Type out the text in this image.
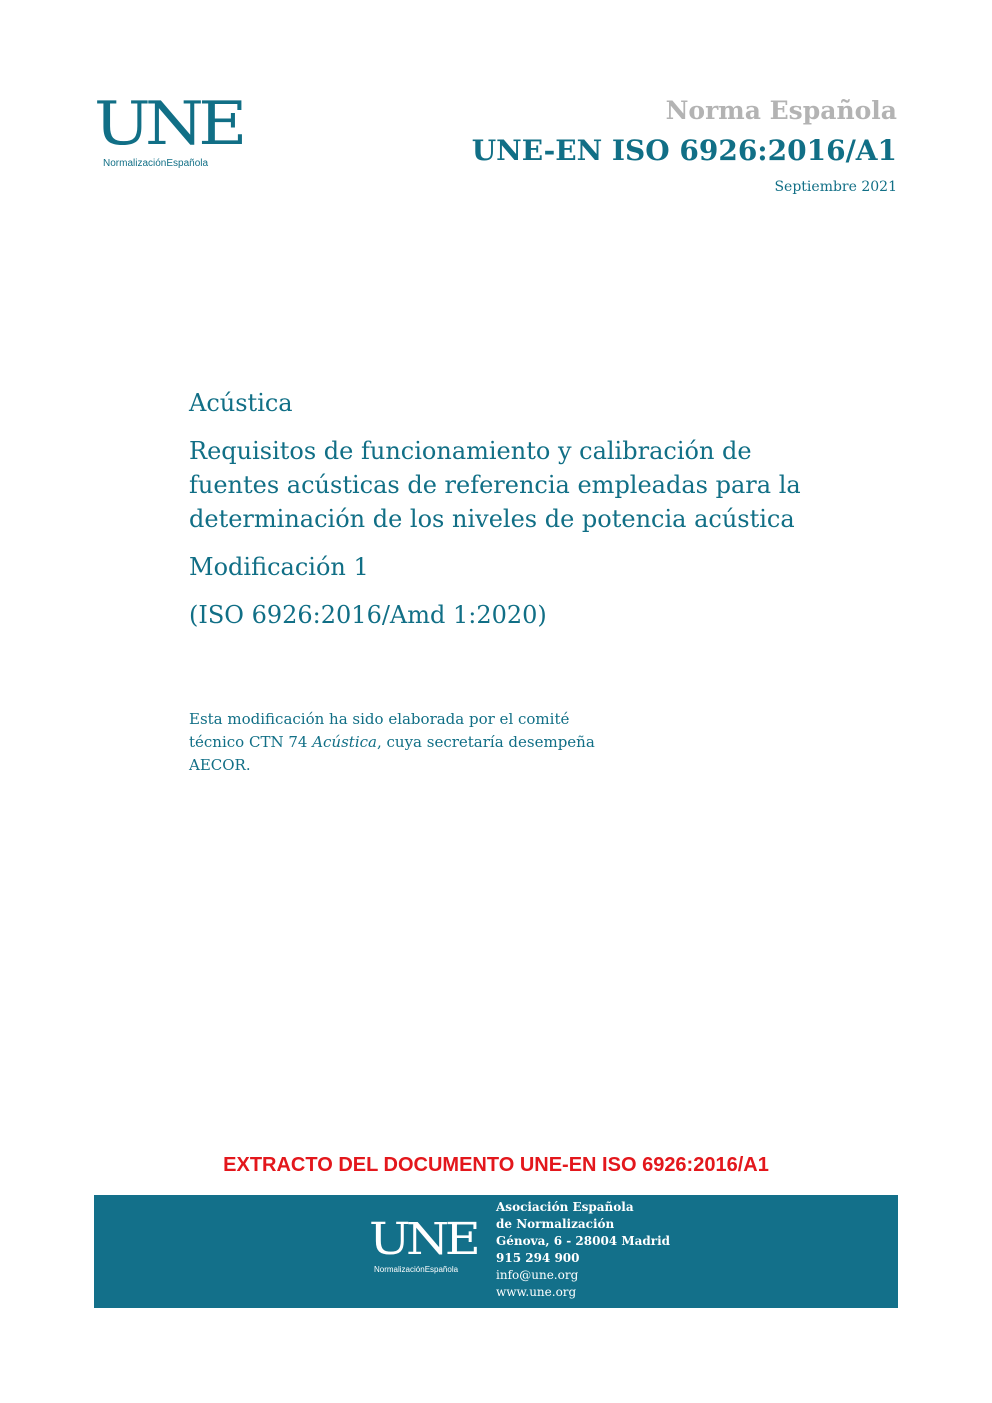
UNE
NormalizaciónEspañola
Norma Española
UNE-EN ISO 6926:2016/A1
Septiembre 2021
Acústica
Requisitos de funcionamiento y calibración de
fuentes acústicas de referencia empleadas para la
determinación de los niveles de potencia acústica
Modificación 1
(ISO 6926:2016/Amd 1:2020)
Esta modificación ha sido elaborada por el comité
técnico CTN 74 Acústica, cuya secretaría desempeña
AECOR.
EXTRACTO DEL DOCUMENTO UNE-EN ISO 6926:2016/A1
UNE
NormalizaciónEspañola
Asociación Española
de Normalización
Génova, 6 - 28004 Madrid
915 294 900
info@une.org
www.une.org
